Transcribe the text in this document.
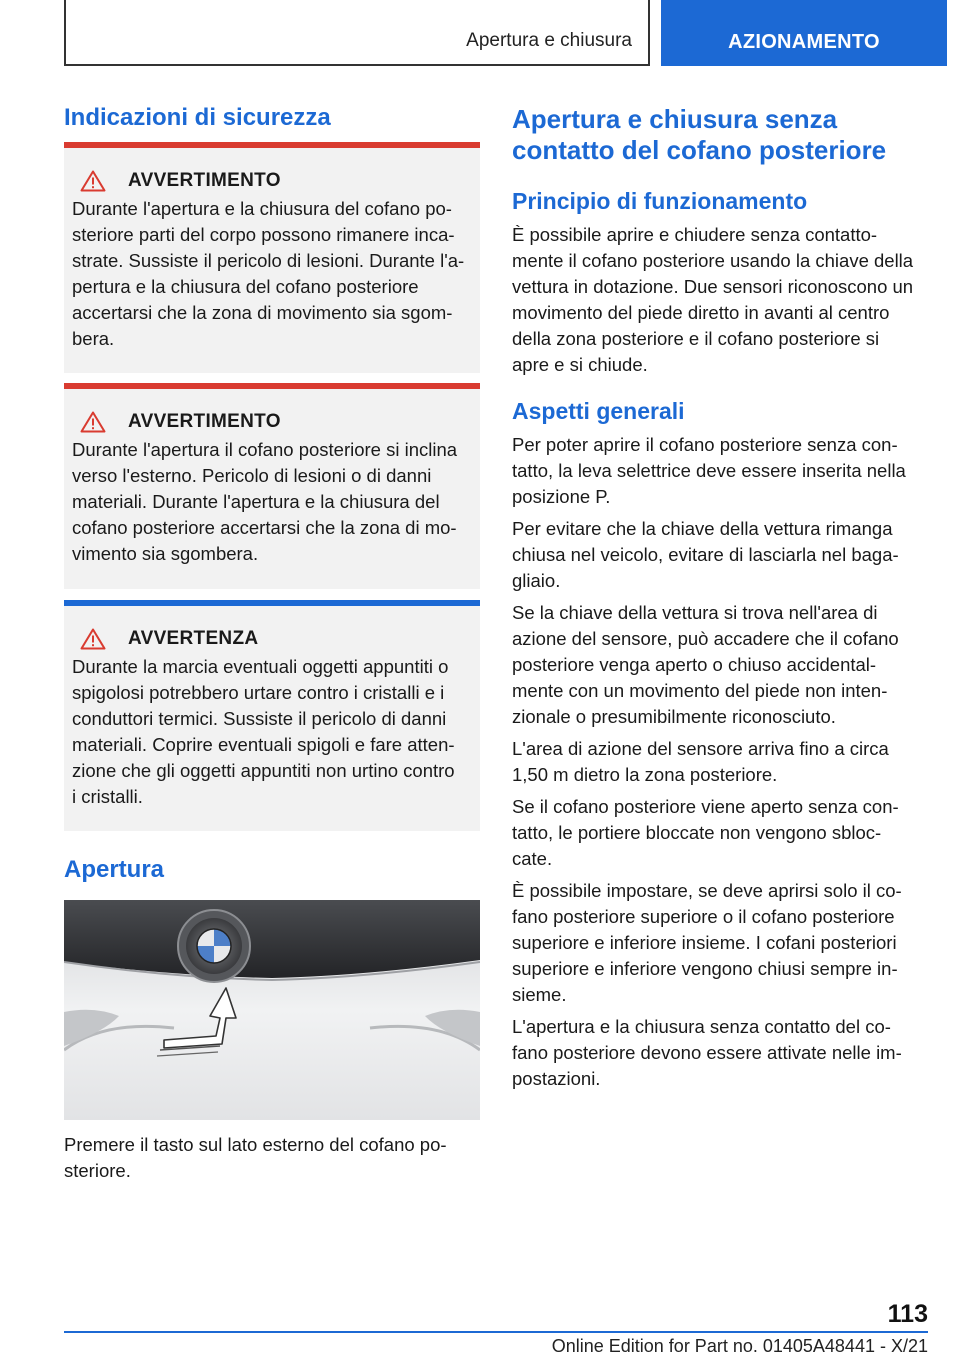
Apertura e chiusura	AZIONAMENTO
Indicazioni di sicurezza
AVVERTIMENTO
Durante l'apertura e la chiusura del cofano po-
steriore parti del corpo possono rimanere inca-
strate. Sussiste il pericolo di lesioni. Durante l'a-
pertura e la chiusura del cofano posteriore
accertarsi che la zona di movimento sia sgom-
bera.
AVVERTIMENTO
Durante l'apertura il cofano posteriore si inclina
verso l'esterno. Pericolo di lesioni o di danni
materiali. Durante l'apertura e la chiusura del
cofano posteriore accertarsi che la zona di mo-
vimento sia sgombera.
AVVERTENZA
Durante la marcia eventuali oggetti appuntiti o
spigolosi potrebbero urtare contro i cristalli e i
conduttori termici. Sussiste il pericolo di danni
materiali. Coprire eventuali spigoli e fare atten-
zione che gli oggetti appuntiti non urtino contro
i cristalli.
Apertura

Premere il tasto sul lato esterno del cofano po-
steriore.

Apertura e chiusura senza
contatto del cofano posteriore
Principio di funzionamento

È possibile aprire e chiudere senza contatto-
mente il cofano posteriore usando la chiave della
vettura in dotazione. Due sensori riconoscono un
movimento del piede diretto in avanti al centro
della zona posteriore e il cofano posteriore si
apre e si chiude.

Aspetti generali

Per poter aprire il cofano posteriore senza con-
tatto, la leva selettrice deve essere inserita nella
posizione P.

Per evitare che la chiave della vettura rimanga
chiusa nel veicolo, evitare di lasciarla nel baga-
gliaio.

Se la chiave della vettura si trova nell'area di
azione del sensore, può accadere che il cofano
posteriore venga aperto o chiuso accidental-
mente con un movimento del piede non inten-
zionale o presumibilmente riconosciuto.

L'area di azione del sensore arriva fino a circa
1,50 m dietro la zona posteriore.

Se il cofano posteriore viene aperto senza con-
tatto, le portiere bloccate non vengono sbloc-
cate.

È possibile impostare, se deve aprirsi solo il co-
fano posteriore superiore o il cofano posteriore
superiore e inferiore insieme. I cofani posteriori
superiore e inferiore vengono chiusi sempre in-
sieme.

L'apertura e la chiusura senza contatto del co-
fano posteriore devono essere attivate nelle im-
postazioni.

113
Online Edition for Part no. 01405A48441 - X/21
